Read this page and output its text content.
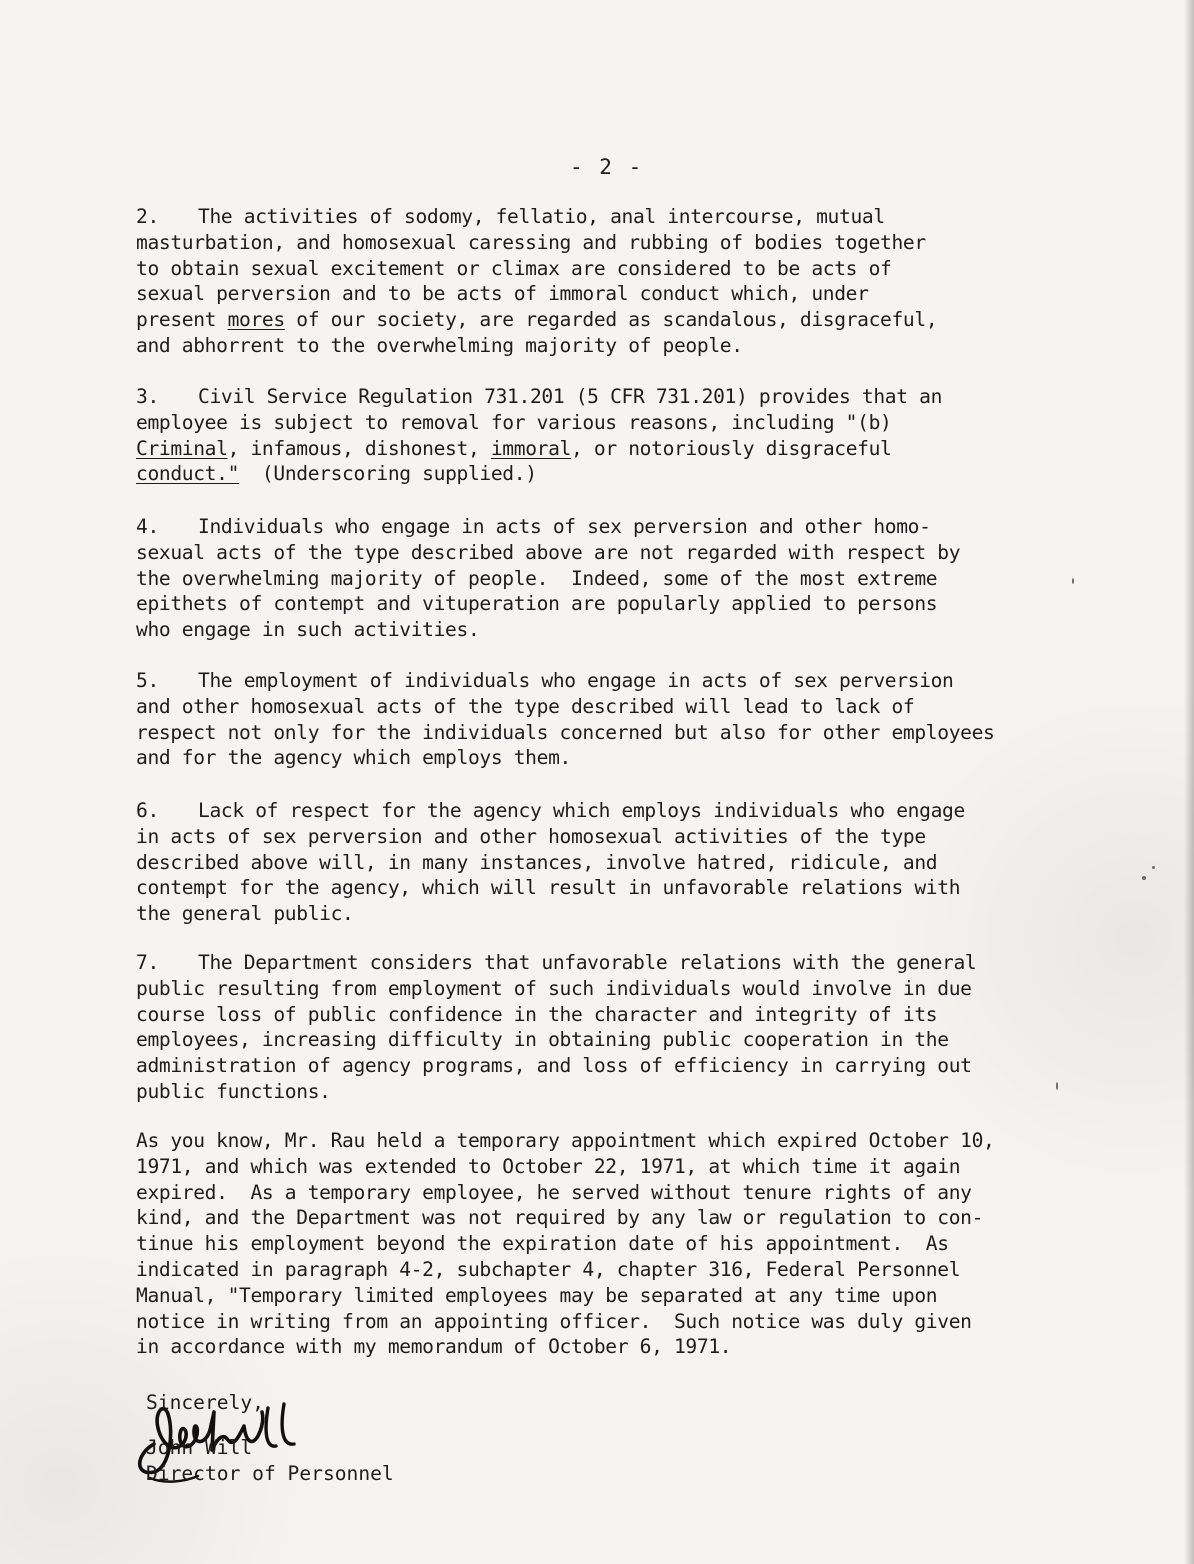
- 2 -
2. The activities of sodomy, fellatio, anal intercourse, mutual
masturbation, and homosexual caressing and rubbing of bodies together
to obtain sexual excitement or climax are considered to be acts of
sexual perversion and to be acts of immoral conduct which, under
present mores of our society, are regarded as scandalous, disgraceful,
and abhorrent to the overwhelming majority of people.
3. Civil Service Regulation 731.201 (5 CFR 731.201) provides that an
employee is subject to removal for various reasons, including "(b)
Criminal, infamous, dishonest, immoral, or notoriously disgraceful
conduct."  (Underscoring supplied.)
4. Individuals who engage in acts of sex perversion and other homo-
sexual acts of the type described above are not regarded with respect by
the overwhelming majority of people.  Indeed, some of the most extreme
epithets of contempt and vituperation are popularly applied to persons
who engage in such activities.
5. The employment of individuals who engage in acts of sex perversion
and other homosexual acts of the type described will lead to lack of
respect not only for the individuals concerned but also for other employees
and for the agency which employs them.
6. Lack of respect for the agency which employs individuals who engage
in acts of sex perversion and other homosexual activities of the type
described above will, in many instances, involve hatred, ridicule, and
contempt for the agency, which will result in unfavorable relations with
the general public.
7. The Department considers that unfavorable relations with the general
public resulting from employment of such individuals would involve in due
course loss of public confidence in the character and integrity of its
employees, increasing difficulty in obtaining public cooperation in the
administration of agency programs, and loss of efficiency in carrying out
public functions.
As you know, Mr. Rau held a temporary appointment which expired October 10,
1971, and which was extended to October 22, 1971, at which time it again
expired.  As a temporary employee, he served without tenure rights of any
kind, and the Department was not required by any law or regulation to con-
tinue his employment beyond the expiration date of his appointment.  As
indicated in paragraph 4-2, subchapter 4, chapter 316, Federal Personnel
Manual, "Temporary limited employees may be separated at any time upon
notice in writing from an appointing officer.  Such notice was duly given
in accordance with my memorandum of October 6, 1971.
Sincerely,
John Will
Director of Personnel
